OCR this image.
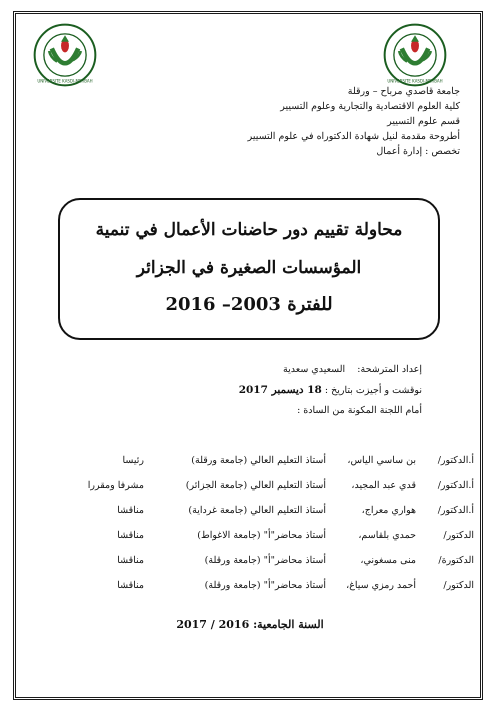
UNIVERSITE KASDI-MERBAH	UNIVERSITE KASDI-MERBAH
جامعة قاصدي مرباح – ورقلة
كلية العلوم الاقتصادية والتجارية وعلوم التسيير
قسم علوم التسيير
أطروحة مقدمة لنيل شهادة الدكتوراه في علوم التسيير
تخصص : إدارة أعمال
محاولة تقييم دور حاضنات الأعمال في تنمية
المؤسسات الصغيرة في الجزائر
للفترة 2003– 2016
إعداد المترشحة:    السعيدي سعدية
نوقشت و أجيزت بتاريخ : 18 ديسمبر 2017
أمام اللجنة المكونة من السادة :
أ.الدكتور/
بن ساسي الياس،
أستاذ التعليم العالي (جامعة ورقلة)
رئيسا
أ.الدكتور/
قدي عبد المجيد،
أستاذ التعليم العالي (جامعة الجزائر)
مشرفا ومقررا
أ.الدكتور/
هواري معراج،
أستاذ التعليم العالي (جامعة غرداية)
مناقشا
الدكتور/
حمدي بلقاسم،
أستاذ محاضر"أ" (جامعة الاغواط)
مناقشا
الدكتورة/
منى مسغوني،
أستاذ محاضر"أ" (جامعة ورقلة)
مناقشا
الدكتور/
أحمد رمزي سياغ،
أستاذ محاضر"أ" (جامعة ورقلة)
مناقشا
السنة الجامعية: 2016 / 2017
